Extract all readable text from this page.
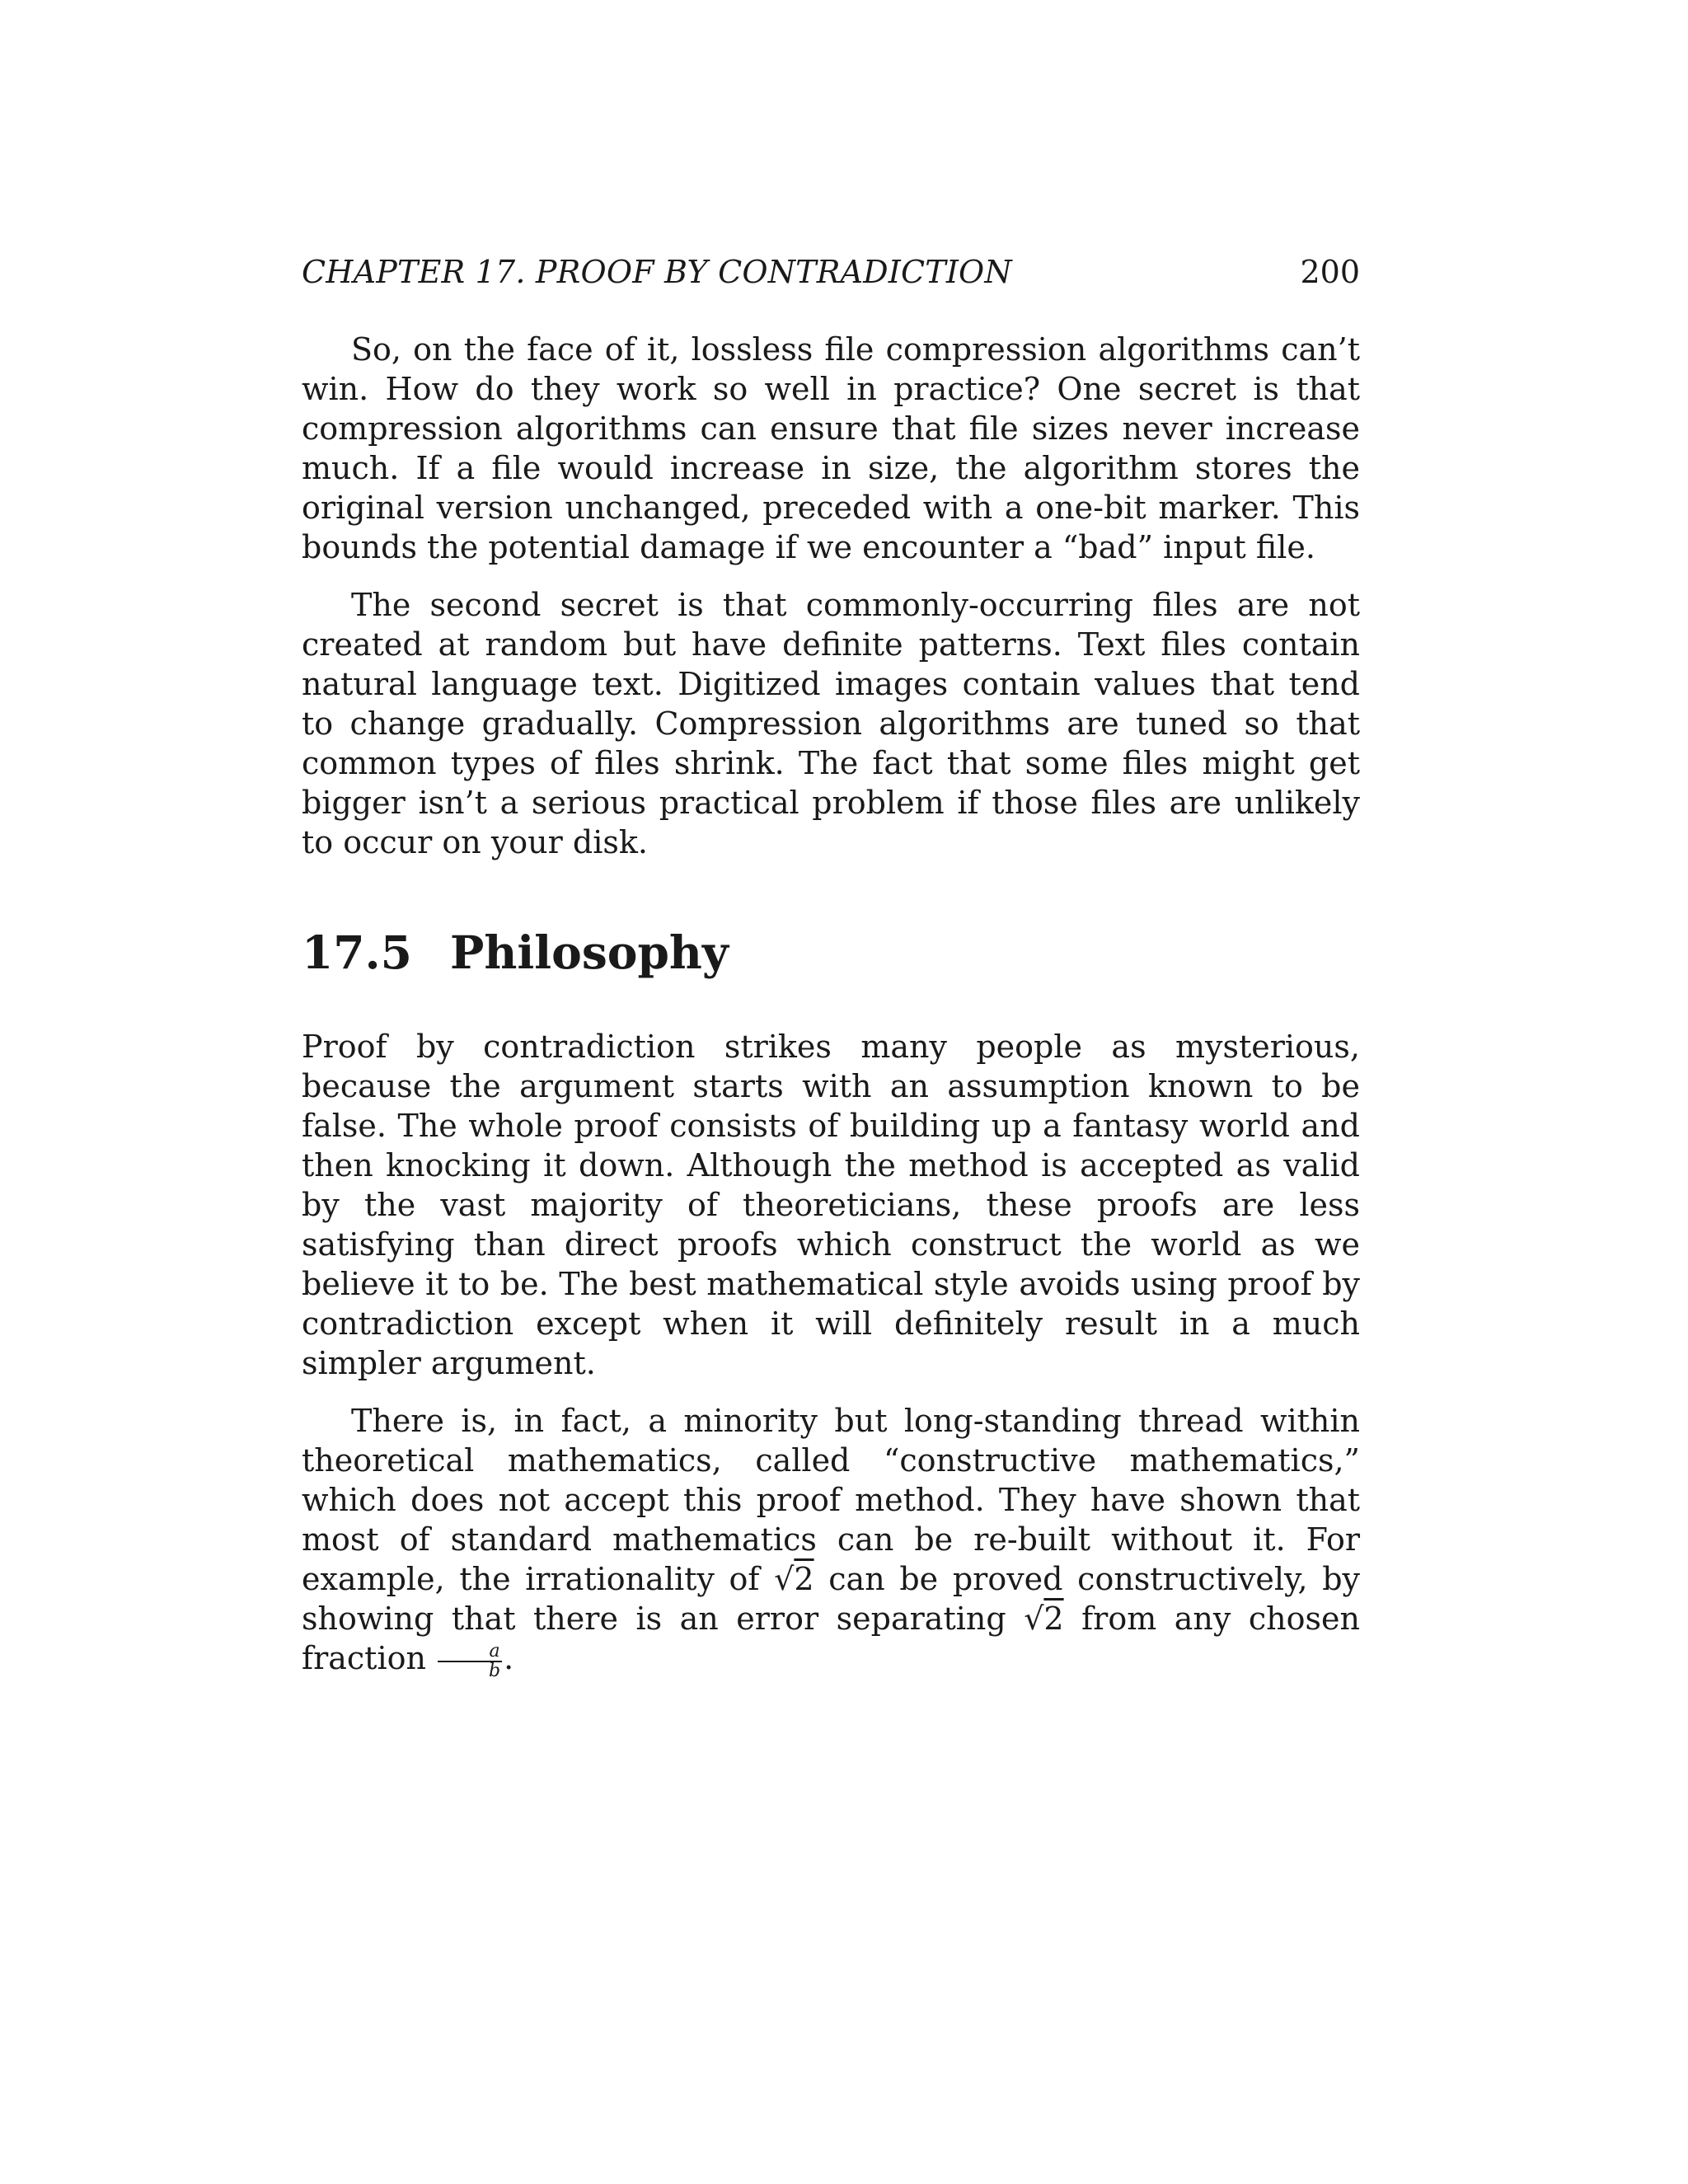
CHAPTER 17. PROOF BY CONTRADICTION	200

So, on the face of it, lossless file compression algorithms can’t win. How do they work so well in practice? One secret is that compression algorithms can ensure that file sizes never increase much. If a file would increase in size, the algorithm stores the original version unchanged, preceded with a one-bit marker. This bounds the potential damage if we encounter a “bad” input file.

The second secret is that commonly-occurring files are not created at random but have definite patterns. Text files contain natural language text. Digitized images contain values that tend to change gradually. Compression algorithms are tuned so that common types of files shrink. The fact that some files might get bigger isn’t a serious practical problem if those files are unlikely to occur on your disk.

17.5 Philosophy

Proof by contradiction strikes many people as mysterious, because the argument starts with an assumption known to be false. The whole proof consists of building up a fantasy world and then knocking it down. Although the method is accepted as valid by the vast majority of theoreticians, these proofs are less satisfying than direct proofs which construct the world as we believe it to be. The best mathematical style avoids using proof by contradiction except when it will definitely result in a much simpler argument.

There is, in fact, a minority but long-standing thread within theoretical mathematics, called “constructive mathematics,” which does not accept this proof method. They have shown that most of standard mathematics can be re-built without it. For example, the irrationality of √2 can be proved constructively, by showing that there is an error separating √2 from any chosen fraction $\frac{a}{b}$ .
